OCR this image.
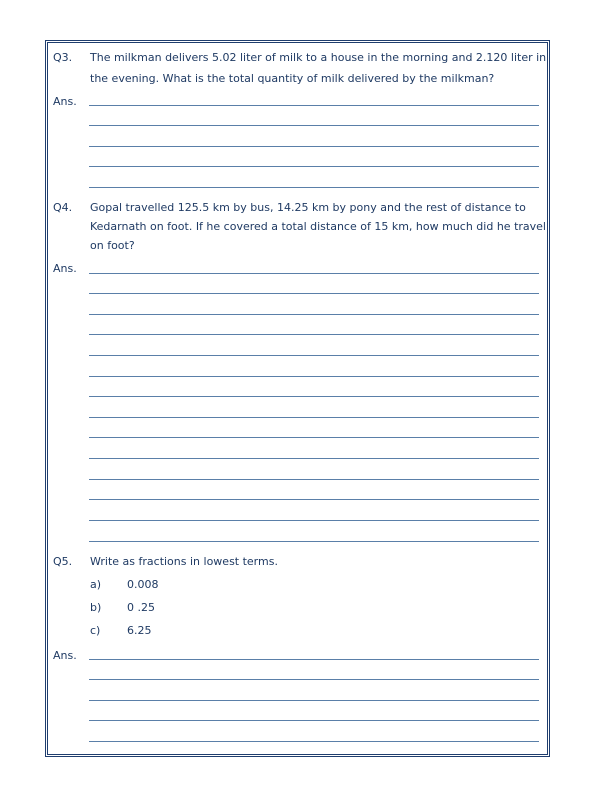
Q3. The milkman delivers 5.02 liter of milk to a house in the morning and 2.120 liter in
the evening. What is the total quantity of milk delivered by the milkman?
Ans.
Q4. Gopal travelled 125.5 km by bus, 14.25 km by pony and the rest of distance to
Kedarnath on foot. If he covered a total distance of 15 km, how much did he travel
on foot?
Ans.
Q5. Write as fractions in lowest terms.
a) 0.008
b) 0 .25
c) 6.25
Ans.
